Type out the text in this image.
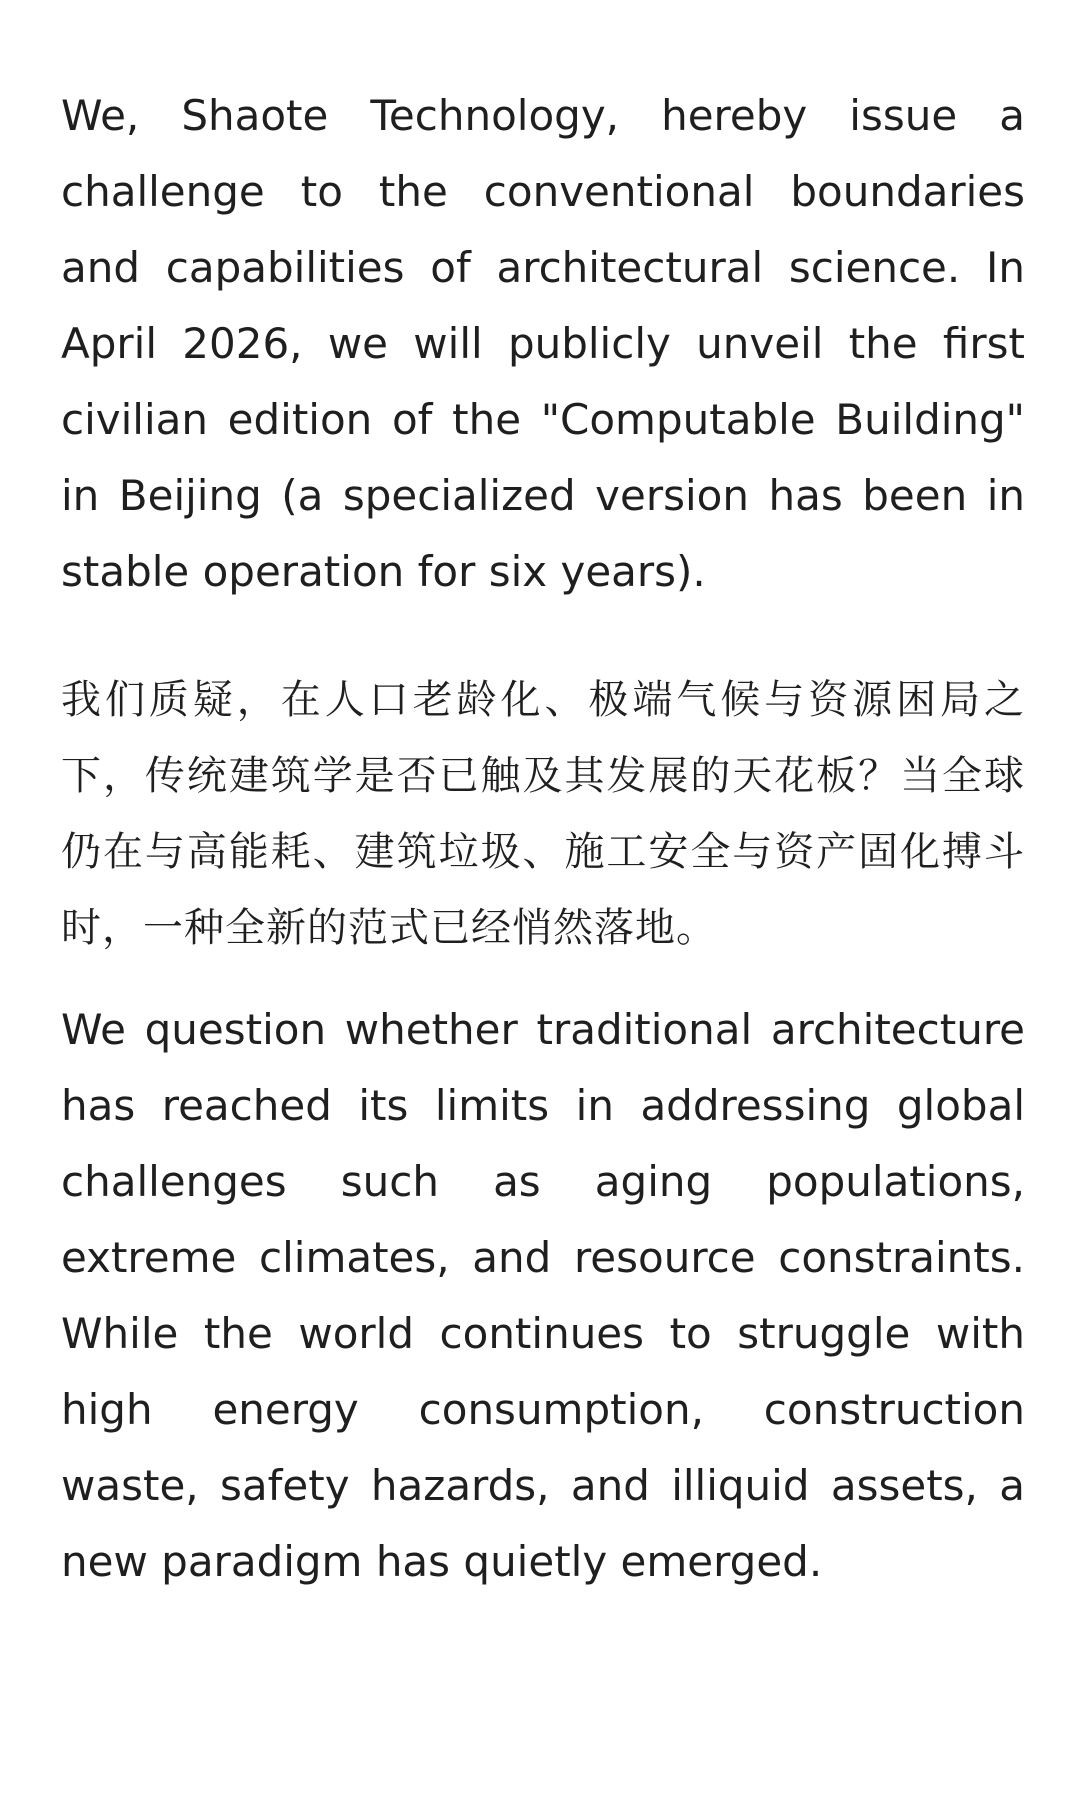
We, Shaote Technology, hereby issue a challenge to the conventional boundaries and capabilities of architectural science. In April 2026, we will publicly unveil the first civilian edition of the "Computable Building" in Beijing (a specialized version has been in stable operation for six years).

我们质疑，在人口老龄化、极端气候与资源困局之下，传统建筑学是否已触及其发展的天花板？当全球仍在与高能耗、建筑垃圾、施工安全与资产固化搏斗时，一种全新的范式已经悄然落地。

We question whether traditional architecture has reached its limits in addressing global challenges such as aging populations, extreme climates, and resource constraints. While the world continues to struggle with high energy consumption, construction waste, safety hazards, and illiquid assets, a new paradigm has quietly emerged.
